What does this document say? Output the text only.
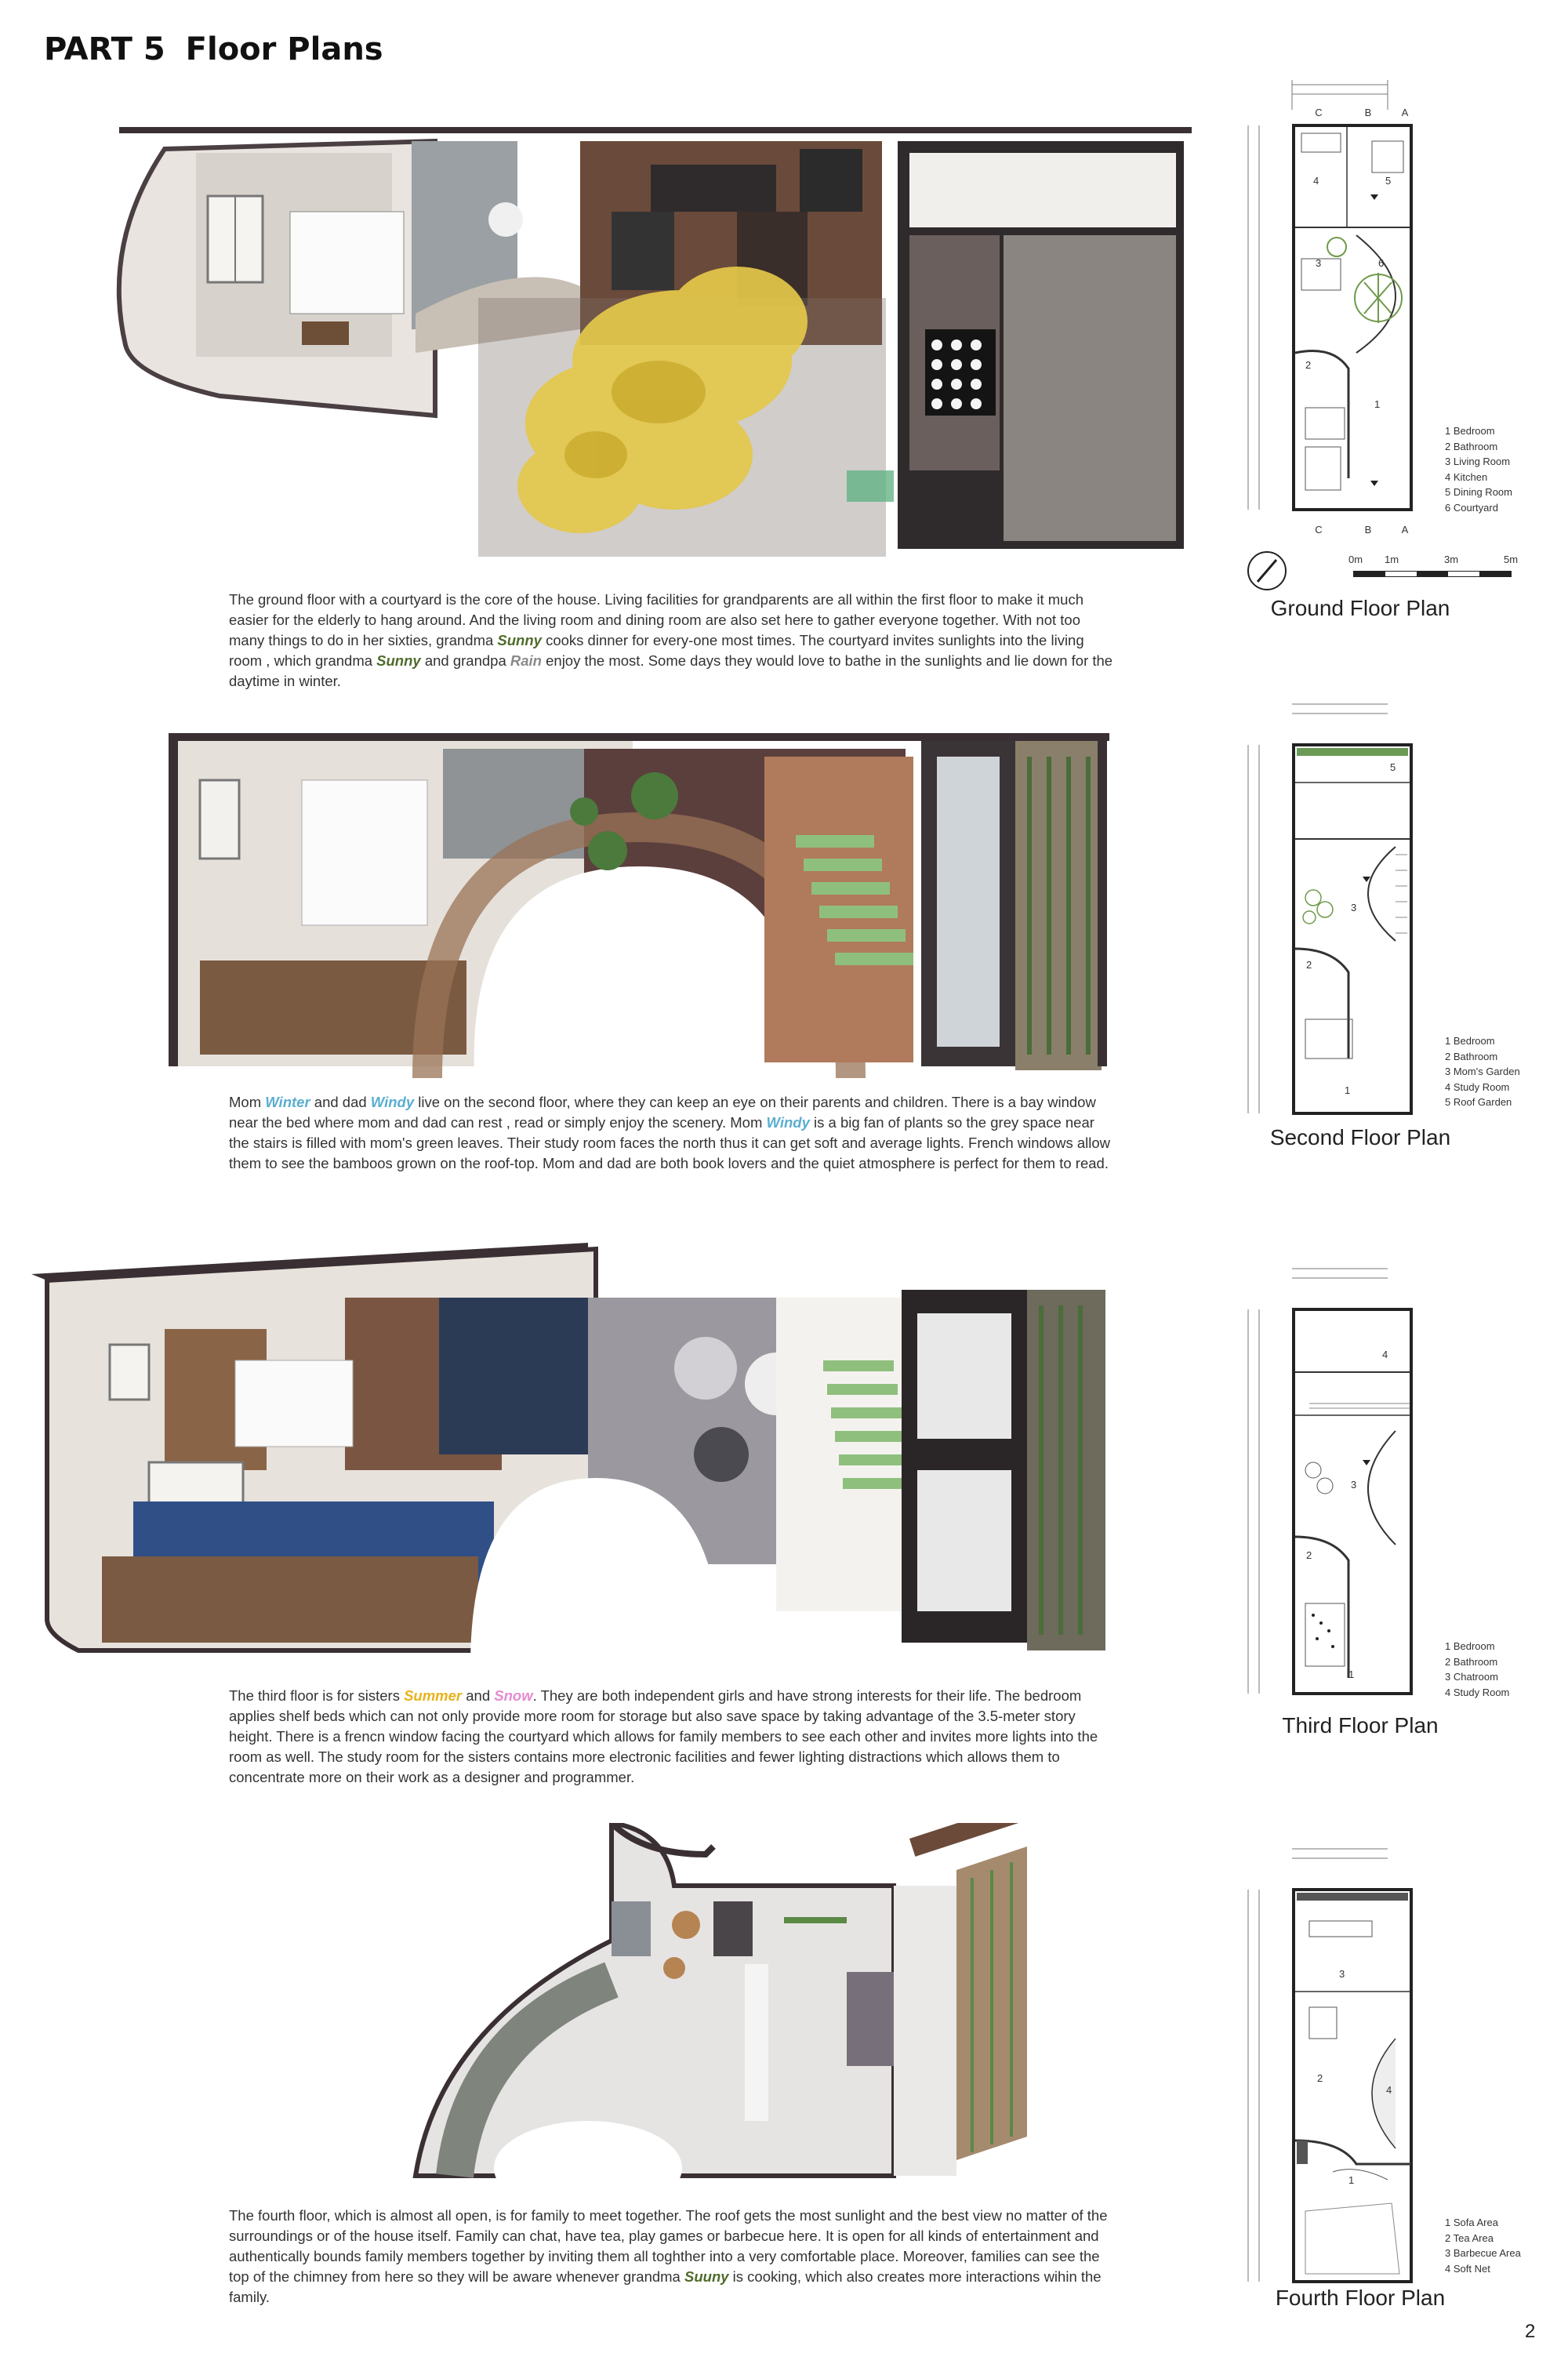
PART 5 Floor Plans

The ground floor with a courtyard is the core of the house. Living facilities for grandparents are all within the first floor to make it much easier for the elderly to hang around. And the living room and dining room are also set here to gather everyone together. With not too many things to do in her sixties, grandma Sunny cooks dinner for every-one most times. The courtyard invites sunlights into the living room , which grandma Sunny and grandpa Rain enjoy the most. Some days they would love to bathe in the sunlights and lie down for the daytime in winter.

C	B	A
4	5
3	6
2
1
C	B	A
1 Bedroom
2 Bathroom
3 Living Room
4 Kitchen
5 Dining Room
6 Courtyard
0m 1m	3m	5m
Ground Floor Plan

Mom Winter and dad Windy live on the second floor, where they can keep an eye on their parents and children. There is a bay window near the bed where mom and dad can rest , read or simply enjoy the scenery. Mom Windy is a big fan of plants so the grey space near the stairs is filled with mom's green leaves. Their study room faces the north thus it can get soft and average lights. French windows allow them to see the bamboos grown on the roof-top. Mom and dad are both book lovers and the quiet atmosphere is perfect for them to read.

5
3
2
1
1 Bedroom
2 Bathroom
3 Mom's Garden
4 Study Room
5 Roof Garden
Second Floor Plan

The third floor is for sisters Summer and Snow. They are both independent girls and have strong interests for their life. The bedroom applies shelf beds which can not only provide more room for storage but also save space by taking advantage of the 3.5-meter story height. There is a frencn window facing the courtyard which allows for family members to see each other and invites more lights into the room as well. The study room for the sisters contains more electronic facilities and fewer lighting distractions which allows them to concentrate more on their work as a designer and programmer.

4
3
2
1
1 Bedroom
2 Bathroom
3 Chatroom
4 Study Room
Third Floor Plan

The fourth floor, which is almost all open, is for family to meet together. The roof gets the most sunlight and the best view no matter of the surroundings or of the house itself. Family can chat, have tea, play games or barbecue here. It is open for all kinds of entertainment and authentically bounds family members together by inviting them all toghther into a very comfortable place. Moreover, families can see the top of the chimney from here so they will be aware whenever grandma Suuny is cooking, which also creates more interactions wihin the family.

3
2
4
1
1 Sofa Area
2 Tea Area
3 Barbecue Area
4 Soft Net
Fourth Floor Plan
2
